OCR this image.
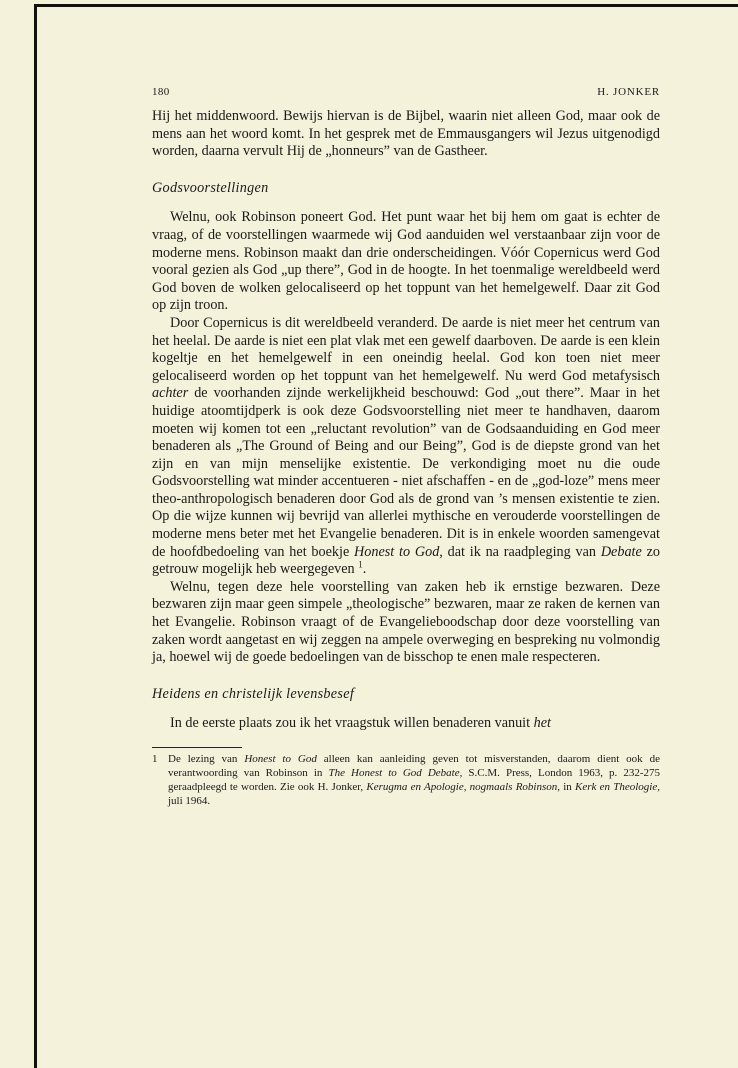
180	H. JONKER

Hij het middenwoord. Bewijs hiervan is de Bijbel, waarin niet alleen God, maar ook de mens aan het woord komt. In het gesprek met de Emmausgangers wil Jezus uitgenodigd worden, daarna vervult Hij de „honneurs” van de Gastheer.

Godsvoorstellingen

Welnu, ook Robinson poneert God. Het punt waar het bij hem om gaat is echter de vraag, of de voorstellingen waarmede wij God aanduiden wel verstaanbaar zijn voor de moderne mens. Robinson maakt dan drie onderscheidingen. Vóór Copernicus werd God vooral gezien als God „up there”, God in de hoogte. In het toenmalige wereldbeeld werd God boven de wolken gelocaliseerd op het toppunt van het hemelgewelf. Daar zit God op zijn troon.

Door Copernicus is dit wereldbeeld veranderd. De aarde is niet meer het centrum van het heelal. De aarde is niet een plat vlak met een gewelf daarboven. De aarde is een klein kogeltje en het hemelgewelf in een oneindig heelal. God kon toen niet meer gelocaliseerd worden op het toppunt van het hemelgewelf. Nu werd God metafysisch achter de voorhanden zijnde werkelijkheid beschouwd: God „out there”. Maar in het huidige atoomtijdperk is ook deze Godsvoorstelling niet meer te handhaven, daarom moeten wij komen tot een „reluctant revolution” van de Godsaanduiding en God meer benaderen als „The Ground of Being and our Being”, God is de diepste grond van het zijn en van mijn menselijke existentie. De verkondiging moet nu die oude Godsvoorstelling wat minder accentueren - niet afschaffen - en de „god-loze” mens meer theo-anthropologisch benaderen door God als de grond van ’s mensen existentie te zien. Op die wijze kunnen wij bevrijd van allerlei mythische en verouderde voorstellingen de moderne mens beter met het Evangelie benaderen. Dit is in enkele woorden samengevat de hoofdbedoeling van het boekje Honest to God, dat ik na raadpleging van Debate zo getrouw mogelijk heb weergegeven $^1$.

Welnu, tegen deze hele voorstelling van zaken heb ik ernstige bezwaren. Deze bezwaren zijn maar geen simpele „theologische” bezwaren, maar ze raken de kernen van het Evangelie. Robinson vraagt of de Evangelieboodschap door deze voorstelling van zaken wordt aangetast en wij zeggen na ampele overweging en bespreking nu volmondig ja, hoewel wij de goede bedoelingen van de bisschop te enen male respecteren.

Heidens en christelijk levensbesef

In de eerste plaats zou ik het vraagstuk willen benaderen vanuit het

1 De lezing van Honest to God alleen kan aanleiding geven tot misverstanden, daarom dient ook de verantwoording van Robinson in The Honest to God Debate, S.C.M. Press, London 1963, p. 232-275 geraadpleegd te worden. Zie ook H. Jonker, Kerugma en Apologie, nogmaals Robinson, in Kerk en Theologie, juli 1964.
